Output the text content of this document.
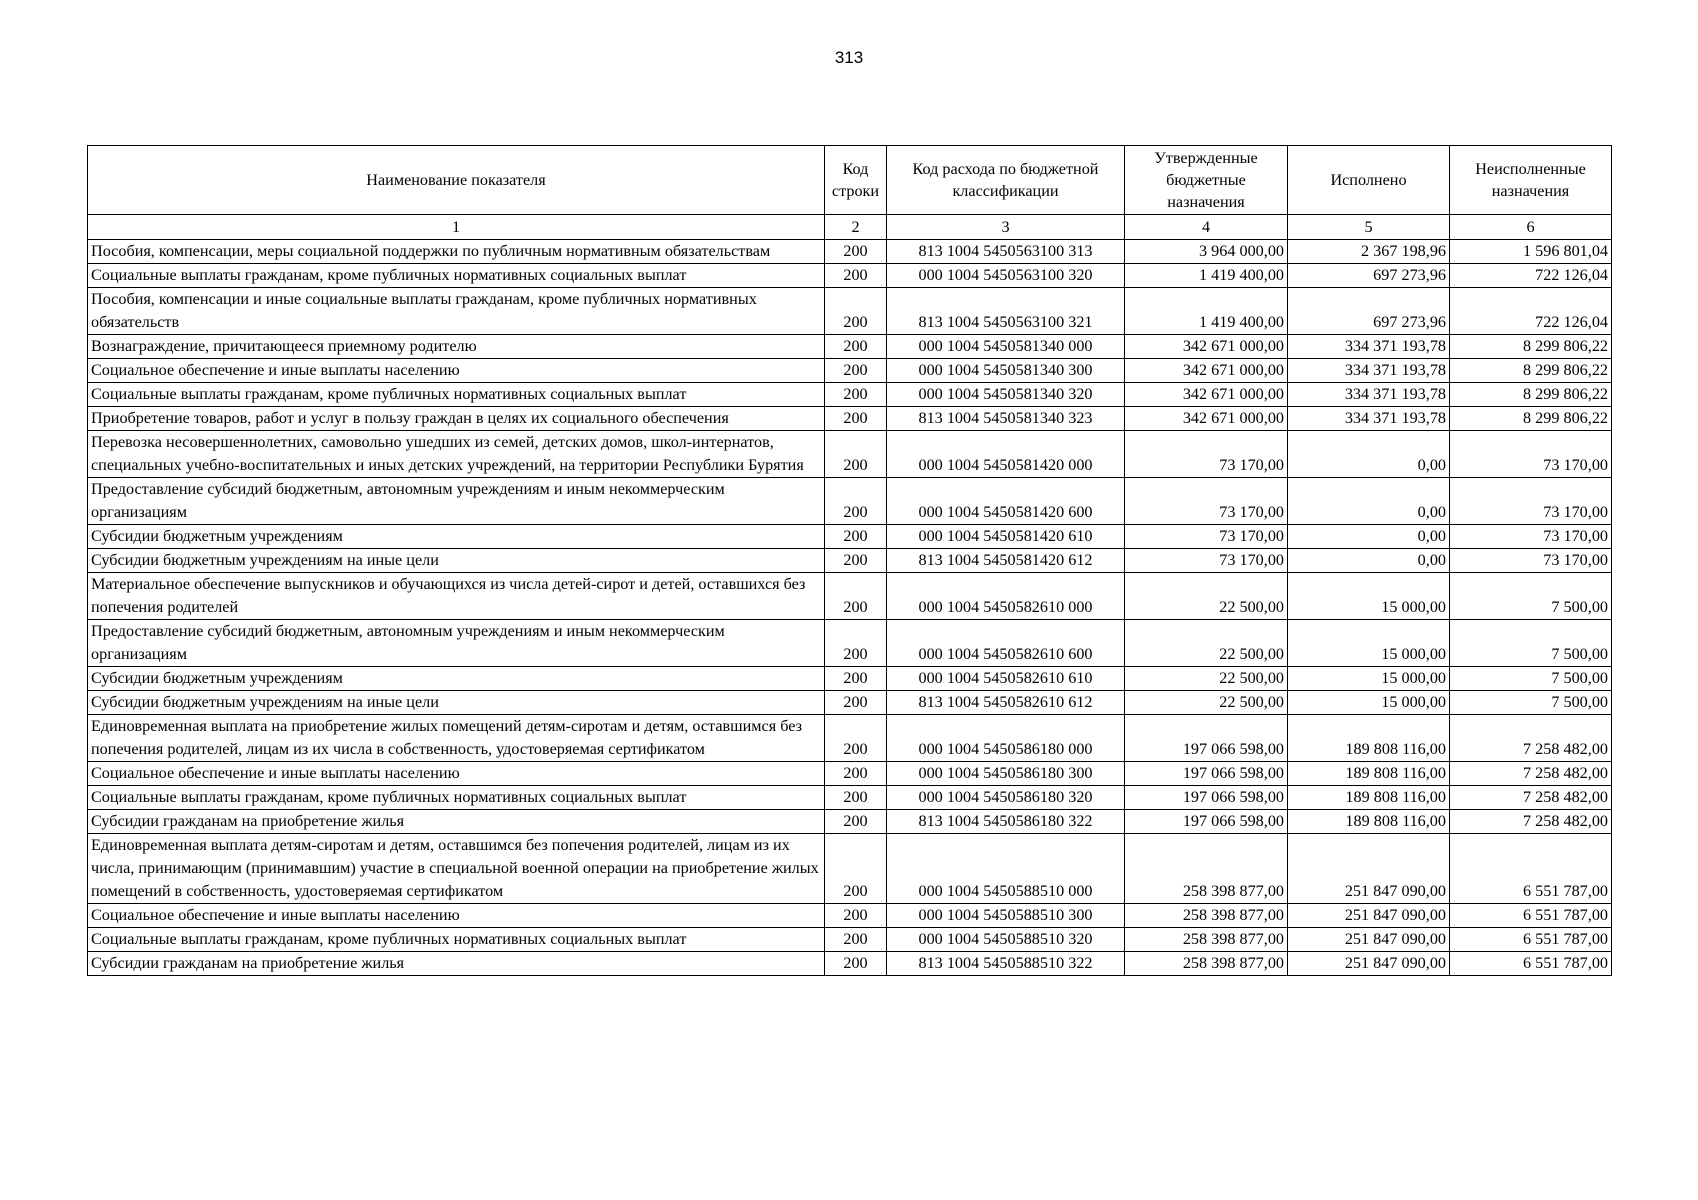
313
Наименование показателя	Код строки	Код расхода по бюджетной классификации	Утвержденные бюджетные назначения	Исполнено	Неисполненные назначения
1	2	3	4	5	6
Пособия, компенсации, меры социальной поддержки по публичным нормативным обязательствам	200	813 1004 5450563100 313	3 964 000,00	2 367 198,96	1 596 801,04
Социальные выплаты гражданам, кроме публичных нормативных социальных выплат	200	000 1004 5450563100 320	1 419 400,00	697 273,96	722 126,04
Пособия, компенсации и иные социальные выплаты гражданам, кроме публичных нормативных обязательств	200	813 1004 5450563100 321	1 419 400,00	697 273,96	722 126,04
Вознаграждение, причитающееся приемному родителю	200	000 1004 5450581340 000	342 671 000,00	334 371 193,78	8 299 806,22
Социальное обеспечение и иные выплаты населению	200	000 1004 5450581340 300	342 671 000,00	334 371 193,78	8 299 806,22
Социальные выплаты гражданам, кроме публичных нормативных социальных выплат	200	000 1004 5450581340 320	342 671 000,00	334 371 193,78	8 299 806,22
Приобретение товаров, работ и услуг в пользу граждан в целях их социального обеспечения	200	813 1004 5450581340 323	342 671 000,00	334 371 193,78	8 299 806,22
Перевозка несовершеннолетних, самовольно ушедших из семей, детских домов, школ-интернатов, специальных учебно-воспитательных и иных детских учреждений, на территории Республики Бурятия	200	000 1004 5450581420 000	73 170,00	0,00	73 170,00
Предоставление субсидий бюджетным, автономным учреждениям и иным некоммерческим организациям	200	000 1004 5450581420 600	73 170,00	0,00	73 170,00
Субсидии бюджетным учреждениям	200	000 1004 5450581420 610	73 170,00	0,00	73 170,00
Субсидии бюджетным учреждениям на иные цели	200	813 1004 5450581420 612	73 170,00	0,00	73 170,00
Материальное обеспечение выпускников и обучающихся из числа детей-сирот и детей, оставшихся без попечения родителей	200	000 1004 5450582610 000	22 500,00	15 000,00	7 500,00
Предоставление субсидий бюджетным, автономным учреждениям и иным некоммерческим организациям	200	000 1004 5450582610 600	22 500,00	15 000,00	7 500,00
Субсидии бюджетным учреждениям	200	000 1004 5450582610 610	22 500,00	15 000,00	7 500,00
Субсидии бюджетным учреждениям на иные цели	200	813 1004 5450582610 612	22 500,00	15 000,00	7 500,00
Единовременная выплата на приобретение жилых помещений детям-сиротам и детям, оставшимся без попечения родителей, лицам из их числа в собственность, удостоверяемая сертификатом	200	000 1004 5450586180 000	197 066 598,00	189 808 116,00	7 258 482,00
Социальное обеспечение и иные выплаты населению	200	000 1004 5450586180 300	197 066 598,00	189 808 116,00	7 258 482,00
Социальные выплаты гражданам, кроме публичных нормативных социальных выплат	200	000 1004 5450586180 320	197 066 598,00	189 808 116,00	7 258 482,00
Субсидии гражданам на приобретение жилья	200	813 1004 5450586180 322	197 066 598,00	189 808 116,00	7 258 482,00
Единовременная выплата детям-сиротам и детям, оставшимся без попечения родителей, лицам из их числа, принимающим (принимавшим) участие в специальной военной операции на приобретение жилых помещений в собственность, удостоверяемая сертификатом	200	000 1004 5450588510 000	258 398 877,00	251 847 090,00	6 551 787,00
Социальное обеспечение и иные выплаты населению	200	000 1004 5450588510 300	258 398 877,00	251 847 090,00	6 551 787,00
Социальные выплаты гражданам, кроме публичных нормативных социальных выплат	200	000 1004 5450588510 320	258 398 877,00	251 847 090,00	6 551 787,00
Субсидии гражданам на приобретение жилья	200	813 1004 5450588510 322	258 398 877,00	251 847 090,00	6 551 787,00
